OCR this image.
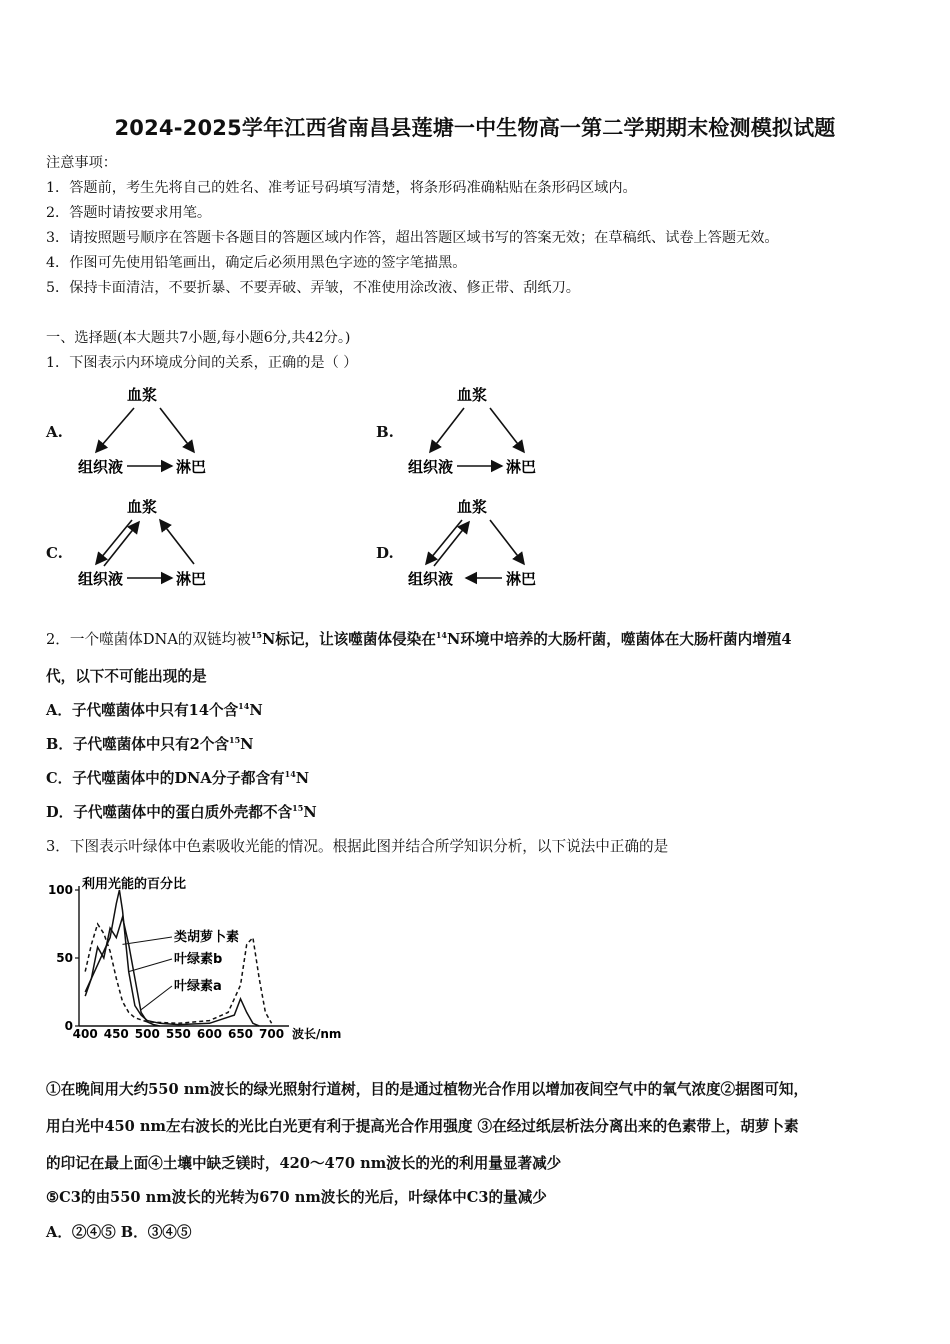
2024-2025学年江西省南昌县莲塘一中生物高一第二学期期末检测模拟试题
注意事项：
1．答题前，考生先将自己的姓名、准考证号码填写清楚，将条形码准确粘贴在条形码区域内。
2．答题时请按要求用笔。
3．请按照题号顺序在答题卡各题目的答题区域内作答，超出答题区域书写的答案无效；在草稿纸、试卷上答题无效。
4．作图可先使用铅笔画出，确定后必须用黑色字迹的签字笔描黑。
5．保持卡面清洁，不要折暴、不要弄破、弄皱，不准使用涂改液、修正带、刮纸刀。
一、选择题(本大题共7小题,每小题6分,共42分。)
1．下图表示内环境成分间的关系，正确的是（ ）
A.	B.
C.	D.
血浆
组织液	淋巴
血浆
组织液	淋巴
血浆
组织液	淋巴
血浆
组织液	淋巴
2．一个噬菌体DNA的双链均被$^{15}$N标记，让该噬菌体侵染在$^{14}$N环境中培养的大肠杆菌，噬菌体在大肠杆菌内增殖4
代，以下不可能出现的是
A．子代噬菌体中只有14个含$^{14}$N
B．子代噬菌体中只有2个含$^{15}$N
C．子代噬菌体中的DNA分子都含有$^{14}$N
D．子代噬菌体中的蛋白质外壳都不含$^{15}$N
3．下图表示叶绿体中色素吸收光能的情况。根据此图并结合所学知识分析，以下说法中正确的是
利用光能的百分比
0
50
100
400 450 500 550 600 650 700
类胡萝卜素
叶绿素b
叶绿素a
波长/nm
①在晚间用大约550 nm波长的绿光照射行道树，目的是通过植物光合作用以增加夜间空气中的氧气浓度②据图可知，
用白光中450 nm左右波长的光比白光更有利于提高光合作用强度 ③在经过纸层析法分离出来的色素带上，胡萝卜素
的印记在最上面④土壤中缺乏镁时，420～470 nm波长的光的利用量显著减少
⑤C3的由550 nm波长的光转为670 nm波长的光后，叶绿体中C3的量减少
A．②④⑤ B．③④⑤
